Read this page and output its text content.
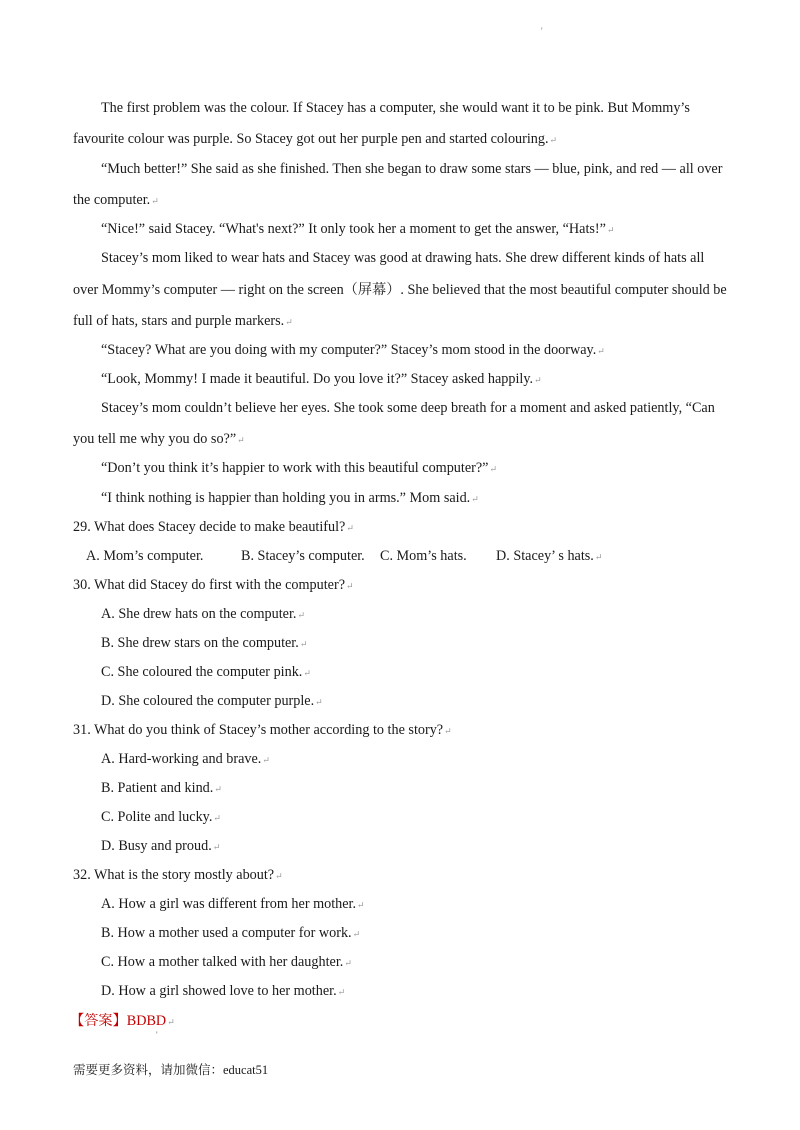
'
The first problem was the colour. If Stacey has a computer, she would want it to be pink. But Mommy’s
favourite colour was purple. So Stacey got out her purple pen and started colouring.↵
“Much better!” She said as she finished. Then she began to draw some stars — blue, pink, and red — all over
the computer.↵
“Nice!” said Stacey. “What's next?” It only took her a moment to get the answer, “Hats!”↵
Stacey’s mom liked to wear hats and Stacey was good at drawing hats. She drew different kinds of hats all
over Mommy’s computer — right on the screen（屏幕）. She believed that the most beautiful computer should be
full of hats, stars and purple markers.↵
“Stacey? What are you doing with my computer?” Stacey’s mom stood in the doorway.↵
“Look, Mommy! I made it beautiful. Do you love it?” Stacey asked happily.↵
Stacey’s mom couldn’t believe her eyes. She took some deep breath for a moment and asked patiently, “Can
you tell me why you do so?”↵
“Don’t you think it’s happier to work with this beautiful computer?”↵
“I think nothing is happier than holding you in arms.” Mom said.↵
29. What does Stacey decide to make beautiful?↵
A. Mom’s computer.	B. Stacey’s computer. C. Mom’s hats. D. Stacey’ s hats.↵
30. What did Stacey do first with the computer?↵
A. She drew hats on the computer.↵
B. She drew stars on the computer.↵
C. She coloured the computer pink.↵
D. She coloured the computer purple.↵
31. What do you think of Stacey’s mother according to the story?↵
A. Hard-working and brave.↵
B. Patient and kind.↵
C. Polite and lucky.↵
D. Busy and proud.↵
32. What is the story mostly about?↵
A. How a girl was different from her mother.↵
B. How a mother used a computer for work.↵
C. How a mother talked with her daughter.↵
D. How a girl showed love to her mother.↵
【答案】BDBD↵
'
需要更多资料，请加微信：educat51
